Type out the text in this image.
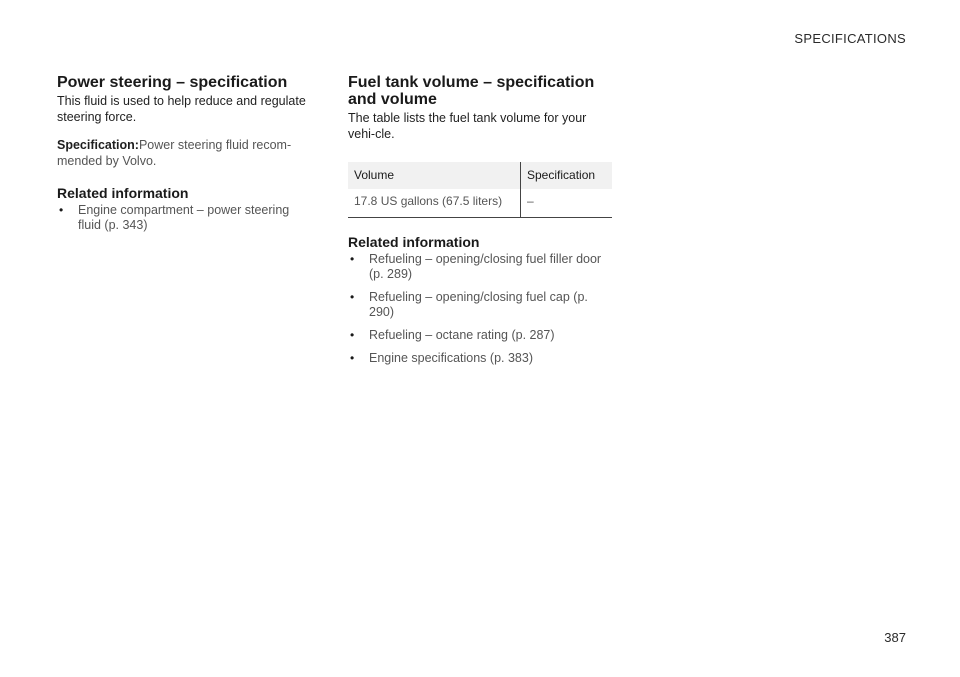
SPECIFICATIONS
Power steering – specification

This fluid is used to help reduce and regulate steering force.

Specification:Power steering fluid recom-mended by Volvo.

Related information
• Engine compartment – power steering fluid (p. 343)
Fuel tank volume – specification and volume

The table lists the fuel tank volume for your vehi-cle.

Volume	Specification
17.8 US gallons (67.5 liters)	–
Related information
• Refueling – opening/closing fuel filler door (p. 289)
• Refueling – opening/closing fuel cap (p. 290)
• Refueling – octane rating (p. 287)
• Engine specifications (p. 383)
387
